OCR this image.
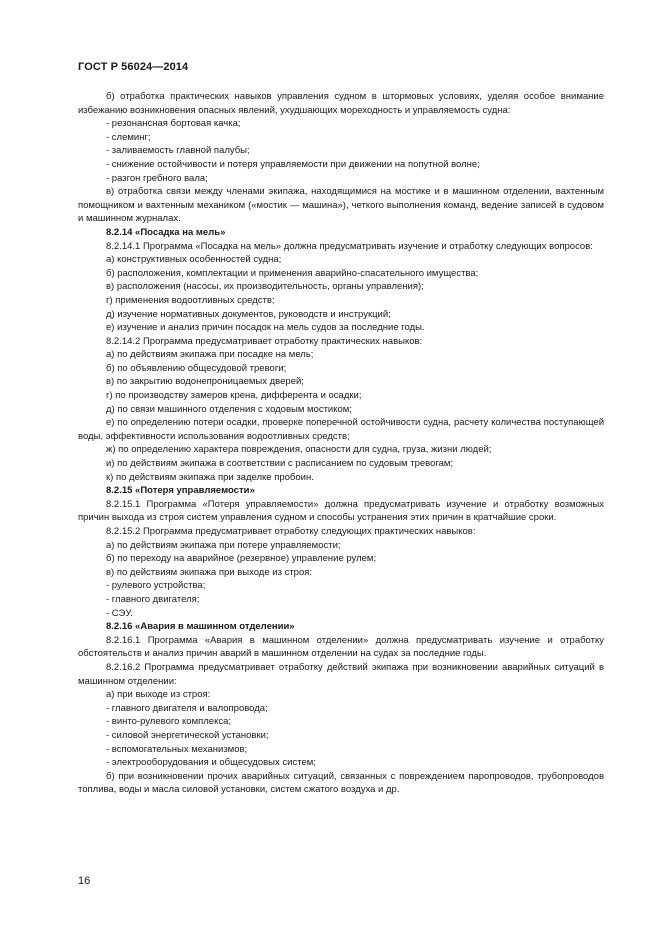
ГОСТ Р 56024—2014

б) отработка практических навыков управления судном в штормовых условиях, уделяя особое внимание избежанию возникновения опасных явлений, ухудшающих мореходность и управляемость судна:

- резонансная бортовая качка;

- слеминг;

- заливаемость главной палубы;

- снижение остойчивости и потеря управляемости при движении на попутной волне;

- разгон гребного вала;

в) отработка связи между членами экипажа, находящимися на мостике и в машинном отделении, вахтенным помощником и вахтенным механиком («мостик — машина»), четкого выполнения команд, ведение записей в судовом и машинном журналах.

8.2.14 «Посадка на мель»

8.2.14.1 Программа «Посадка на мель» должна предусматривать изучение и отработку следующих вопросов:

а) конструктивных особенностей судна;

б) расположения, комплектации и применения аварийно-спасательного имущества;

в) расположения (насосы, их производительность, органы управления);

г) применения водоотливных средств;

д) изучение нормативных документов, руководств и инструкций;

е) изучение и анализ причин посадок на мель судов за последние годы.

8.2.14.2 Программа предусматривает отработку практических навыков:

а) по действиям экипажа при посадке на мель;

б) по объявлению общесудовой тревоги;

в) по закрытию водонепроницаемых дверей;

г) по производству замеров крена, дифферента и осадки;

д) по связи машинного отделения с ходовым мостиком;

е) по определению потери осадки, проверке поперечной остойчивости судна, расчету количества поступающей воды, эффективности использования водоотливных средств;

ж) по определению характера повреждения, опасности для судна, груза, жизни людей;

и) по действиям экипажа в соответствии с расписанием по судовым тревогам;

к) по действиям экипажа при заделке пробоин.

8.2.15 «Потеря управляемости»

8.2.15.1 Программа «Потеря управляемости» должна предусматривать изучение и отработку возможных причин выхода из строя систем управления судном и способы устранения этих причин в кратчайшие сроки.

8.2.15.2 Программа предусматривает отработку следующих практических навыков:

а) по действиям экипажа при потере управляемости;

б) по переходу на аварийное (резервное) управление рулем;

в) по действиям экипажа при выходе из строя:

- рулевого устройства;

- главного двигателя;

- СЭУ.

8.2.16 «Авария в машинном отделении»

8.2.16.1 Программа «Авария в машинном отделении» должна предусматривать изучение и отработку обстоятельств и анализ причин аварий в машинном отделении на судах за последние годы.

8.2.16.2 Программа предусматривает отработку действий экипажа при возникновении аварийных ситуаций в машинном отделении:

а) при выходе из строя:

- главного двигателя и валопровода;

- винто-рулевого комплекса;

- силовой энергетической установки;

- вспомогательных механизмов;

- электрооборудования и общесудовых систем;

б) при возникновении прочих аварийных ситуаций, связанных с повреждением паропроводов, трубопроводов топлива, воды и масла силовой установки, систем сжатого воздуха и др.

16
